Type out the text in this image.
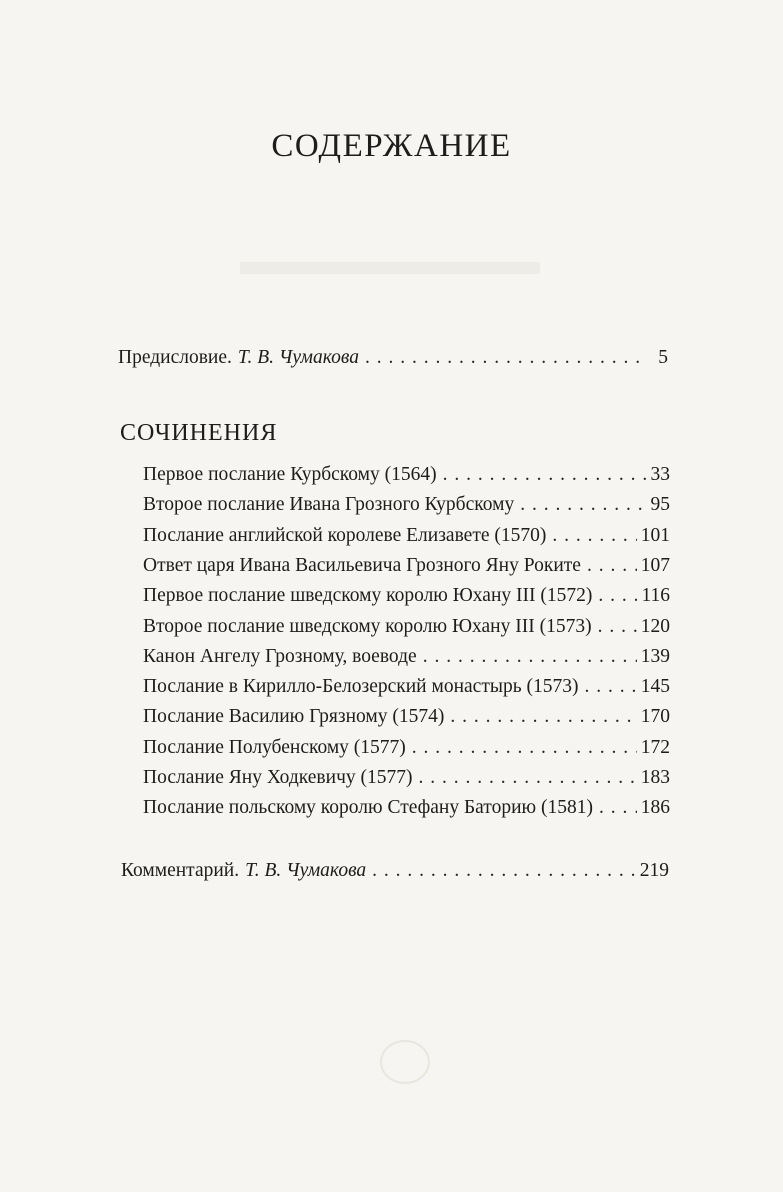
СОДЕРЖАНИЕ
Предисловие. Т. В. Чумакова . . .	5
СОЧИНЕНИЯ
Первое послание Курбскому (1564) . . .	33
Второе послание Ивана Грозного Курбскому . . .	95
Послание английской королеве Елизавете (1570) . . .	101
Ответ царя Ивана Васильевича Грозного Яну Роките . . .	107
Первое послание шведскому королю Юхану III (1572) . . .	116
Второе послание шведскому королю Юхану III (1573) . . .	120
Канон Ангелу Грозному, воеводе . . .	139
Послание в Кирилло-Белозерский монастырь (1573) . . .	145
Послание Василию Грязному (1574) . . .	170
Послание Полубенскому (1577) . . .	172
Послание Яну Ходкевичу (1577) . . .	183
Послание польскому королю Стефану Баторию (1581) . . . 186
Комментарий. Т. В. Чумакова . . .	219
